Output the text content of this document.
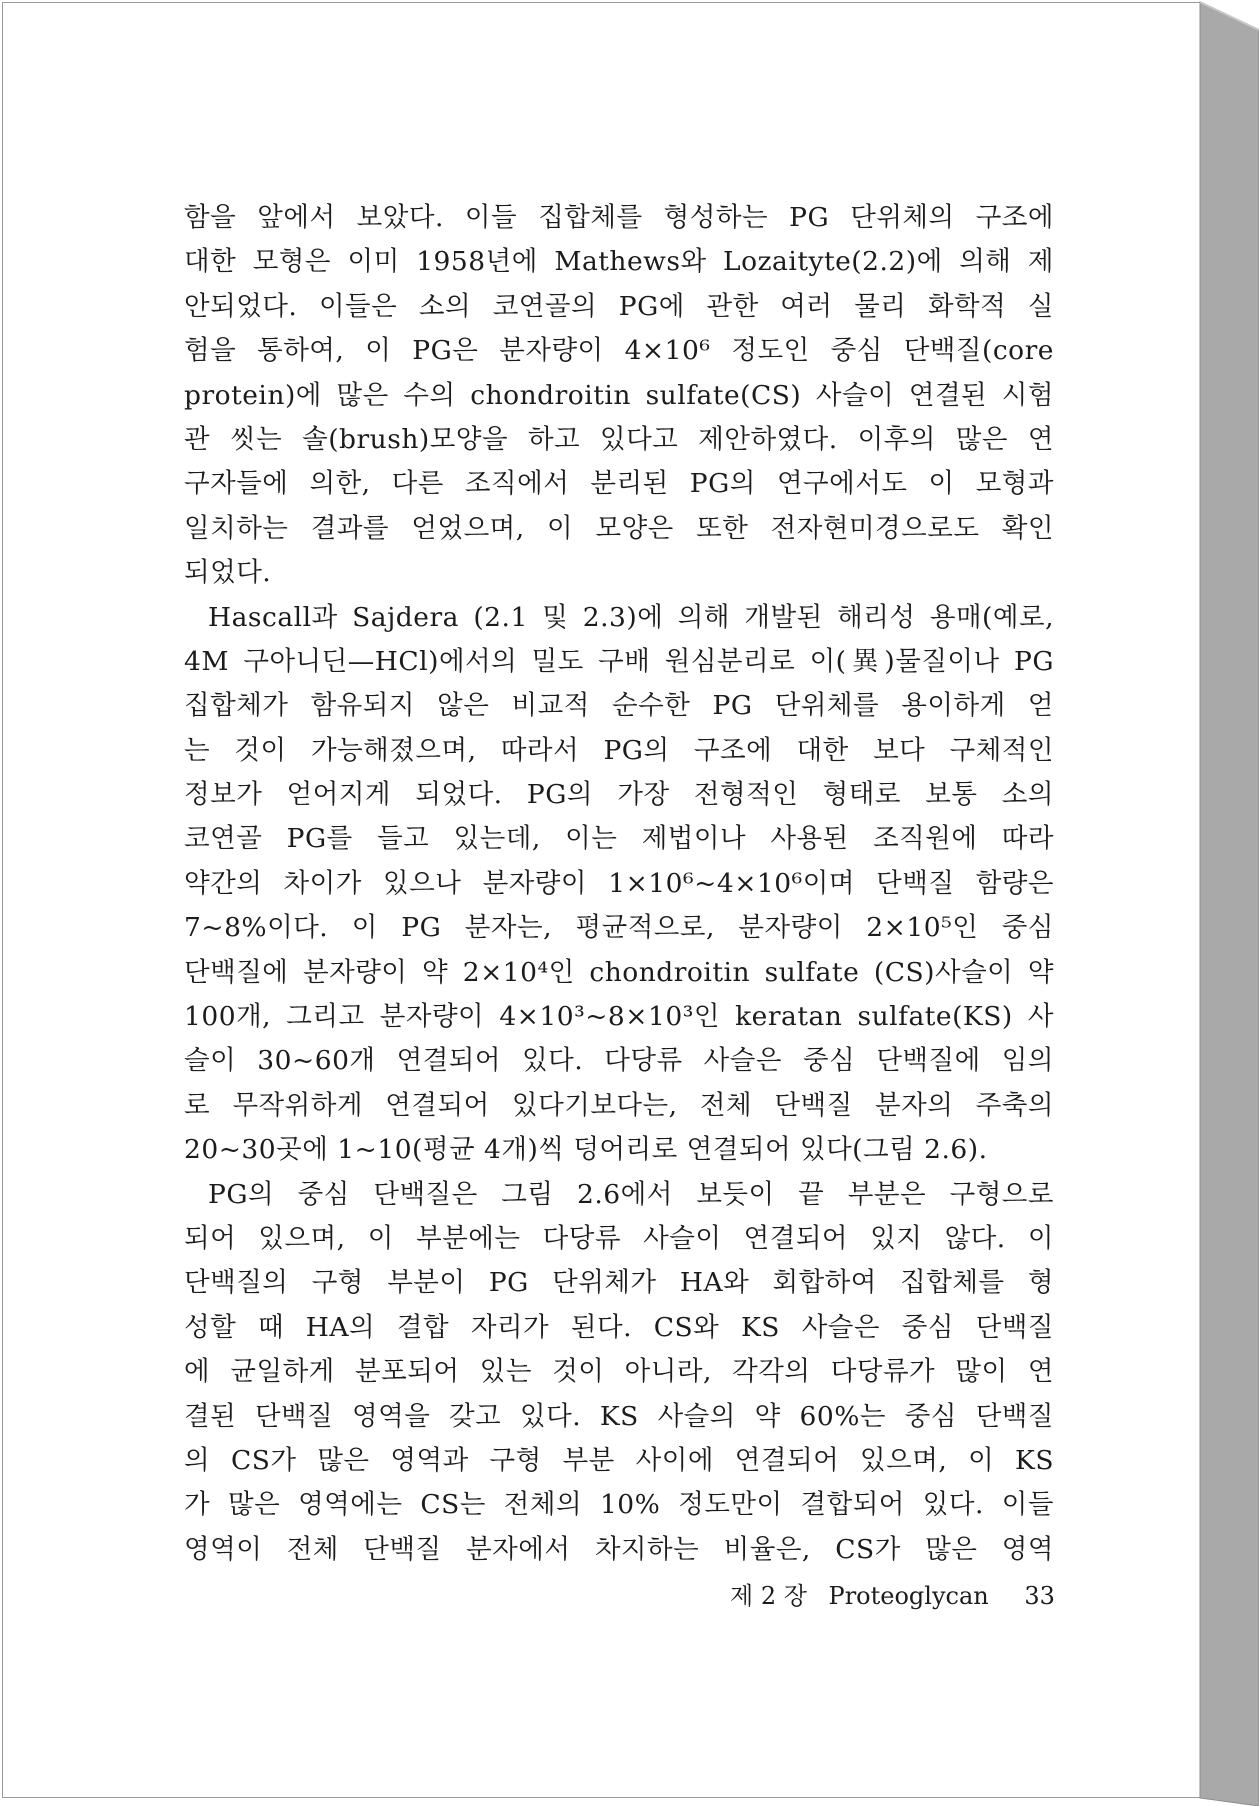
함을 앞에서 보았다. 이들 집합체를 형성하는 PG 단위체의 구조에
대한 모형은 이미 1958년에 Mathews와 Lozaityte(2.2)에 의해 제
안되었다. 이들은 소의 코연골의 PG에 관한 여러 물리 화학적 실
험을 통하여, 이 PG은 분자량이 4×10⁶ 정도인 중심 단백질(core
protein)에 많은 수의 chondroitin sulfate(CS) 사슬이 연결된 시험
관 씻는 솔(brush)모양을 하고 있다고 제안하였다. 이후의 많은 연
구자들에 의한, 다른 조직에서 분리된 PG의 연구에서도 이 모형과
일치하는 결과를 얻었으며, 이 모양은 또한 전자현미경으로도 확인
되었다.
Hascall과 Sajdera (2.1 및 2.3)에 의해 개발된 해리성 용매(예로,
4M 구아니딘—HCl)에서의 밀도 구배 원심분리로 이(異)물질이나 PG
집합체가 함유되지 않은 비교적 순수한 PG 단위체를 용이하게 얻
는 것이 가능해졌으며, 따라서 PG의 구조에 대한 보다 구체적인
정보가 얻어지게 되었다. PG의 가장 전형적인 형태로 보통 소의
코연골 PG를 들고 있는데, 이는 제법이나 사용된 조직원에 따라
약간의 차이가 있으나 분자량이 1×10⁶~4×10⁶이며 단백질 함량은
7~8%이다. 이 PG 분자는, 평균적으로, 분자량이 2×10⁵인 중심
단백질에 분자량이 약 2×10⁴인 chondroitin sulfate (CS)사슬이 약
100개, 그리고 분자량이 4×10³~8×10³인 keratan sulfate(KS) 사
슬이 30~60개 연결되어 있다. 다당류 사슬은 중심 단백질에 임의
로 무작위하게 연결되어 있다기보다는, 전체 단백질 분자의 주축의
20~30곳에 1~10(평균 4개)씩 덩어리로 연결되어 있다(그림 2.6).
PG의 중심 단백질은 그림 2.6에서 보듯이 끝 부분은 구형으로
되어 있으며, 이 부분에는 다당류 사슬이 연결되어 있지 않다. 이
단백질의 구형 부분이 PG 단위체가 HA와 회합하여 집합체를 형
성할 때 HA의 결합 자리가 된다. CS와 KS 사슬은 중심 단백질
에 균일하게 분포되어 있는 것이 아니라, 각각의 다당류가 많이 연
결된 단백질 영역을 갖고 있다. KS 사슬의 약 60%는 중심 단백질
의 CS가 많은 영역과 구형 부분 사이에 연결되어 있으며, 이 KS
가 많은 영역에는 CS는 전체의 10% 정도만이 결합되어 있다. 이들
영역이 전체 단백질 분자에서 차지하는 비율은, CS가 많은 영역
제 2 장 Proteoglycan 33
